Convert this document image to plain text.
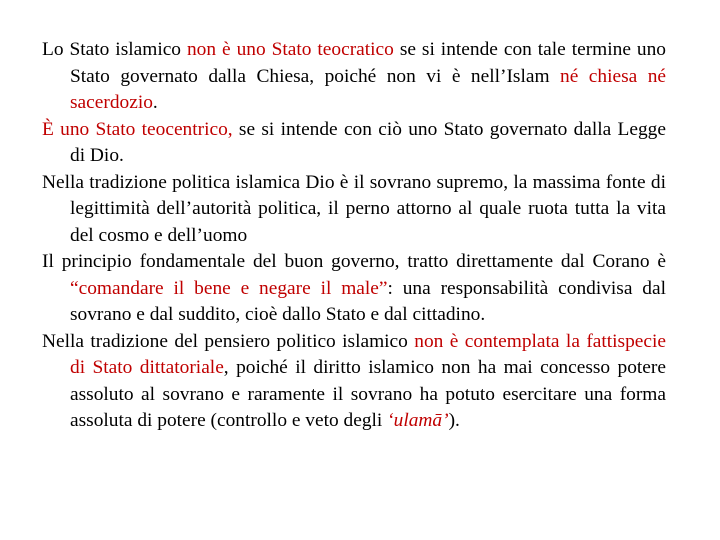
Lo Stato islamico non è uno Stato teocratico se si intende con tale termine uno Stato governato dalla Chiesa, poiché non vi è nell’Islam né chiesa né sacerdozio.

È uno Stato teocentrico, se si intende con ciò uno Stato governato dalla Legge di Dio.

Nella tradizione politica islamica Dio è il sovrano supremo, la massima fonte di legittimità dell’autorità politica, il perno attorno al quale ruota tutta la vita del cosmo e dell’uomo

Il principio fondamentale del buon governo, tratto direttamente dal Corano è “comandare il bene e negare il male”: una responsabilità condivisa dal sovrano e dal suddito, cioè dallo Stato e dal cittadino.

Nella tradizione del pensiero politico islamico non è contemplata la fattispecie di Stato dittatoriale, poiché il diritto islamico non ha mai concesso potere assoluto al sovrano e raramente il sovrano ha potuto esercitare una forma assoluta di potere (controllo e veto degli ‘ulamā’).
